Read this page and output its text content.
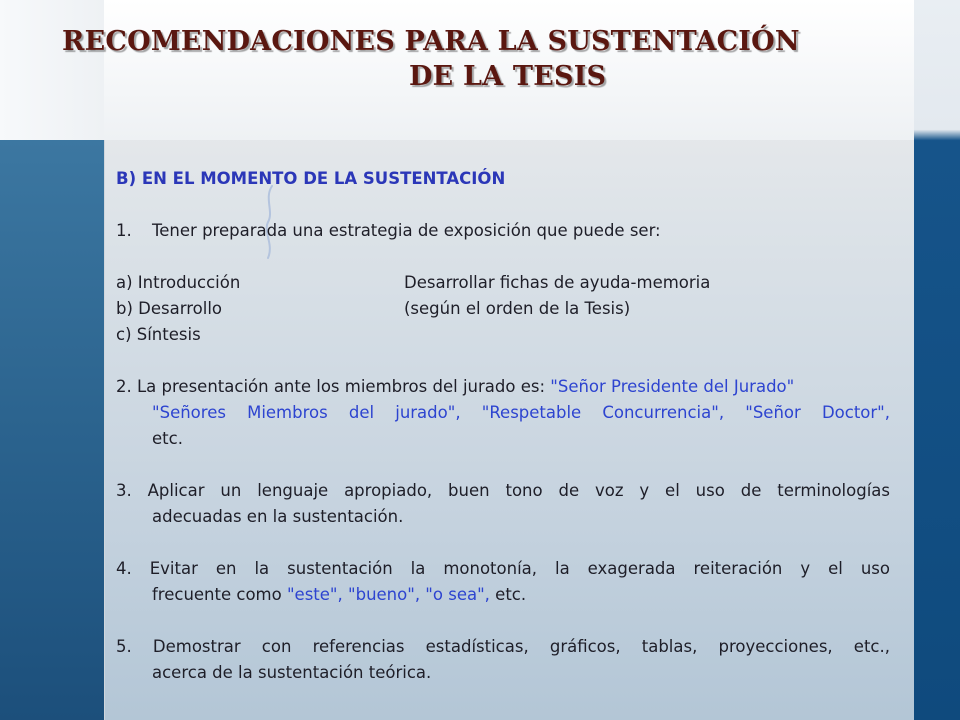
RECOMENDACIONES PARA LA SUSTENTACIÓN
DE LA TESIS

B) EN EL MOMENTO DE LA SUSTENTACIÓN

1.	Tener preparada una estrategia de exposición que puede ser:
a) Introducción	Desarrollar fichas de ayuda-memoria
b) Desarrollo	(según el orden de la Tesis)
c) Síntesis

2. La presentación ante los miembros del jurado es: "Señor Presidente del Jurado"

"Señores Miembros del jurado", "Respetable Concurrencia", "Señor Doctor",

etc.

3. Aplicar un lenguaje apropiado, buen tono de voz y el uso de terminologías

adecuadas en la sustentación.

4. Evitar en la sustentación la monotonía, la exagerada reiteración y el uso

frecuente como "este", "bueno", "o sea", etc.

5. Demostrar con referencias estadísticas, gráficos, tablas, proyecciones, etc.,

acerca de la sustentación teórica.
